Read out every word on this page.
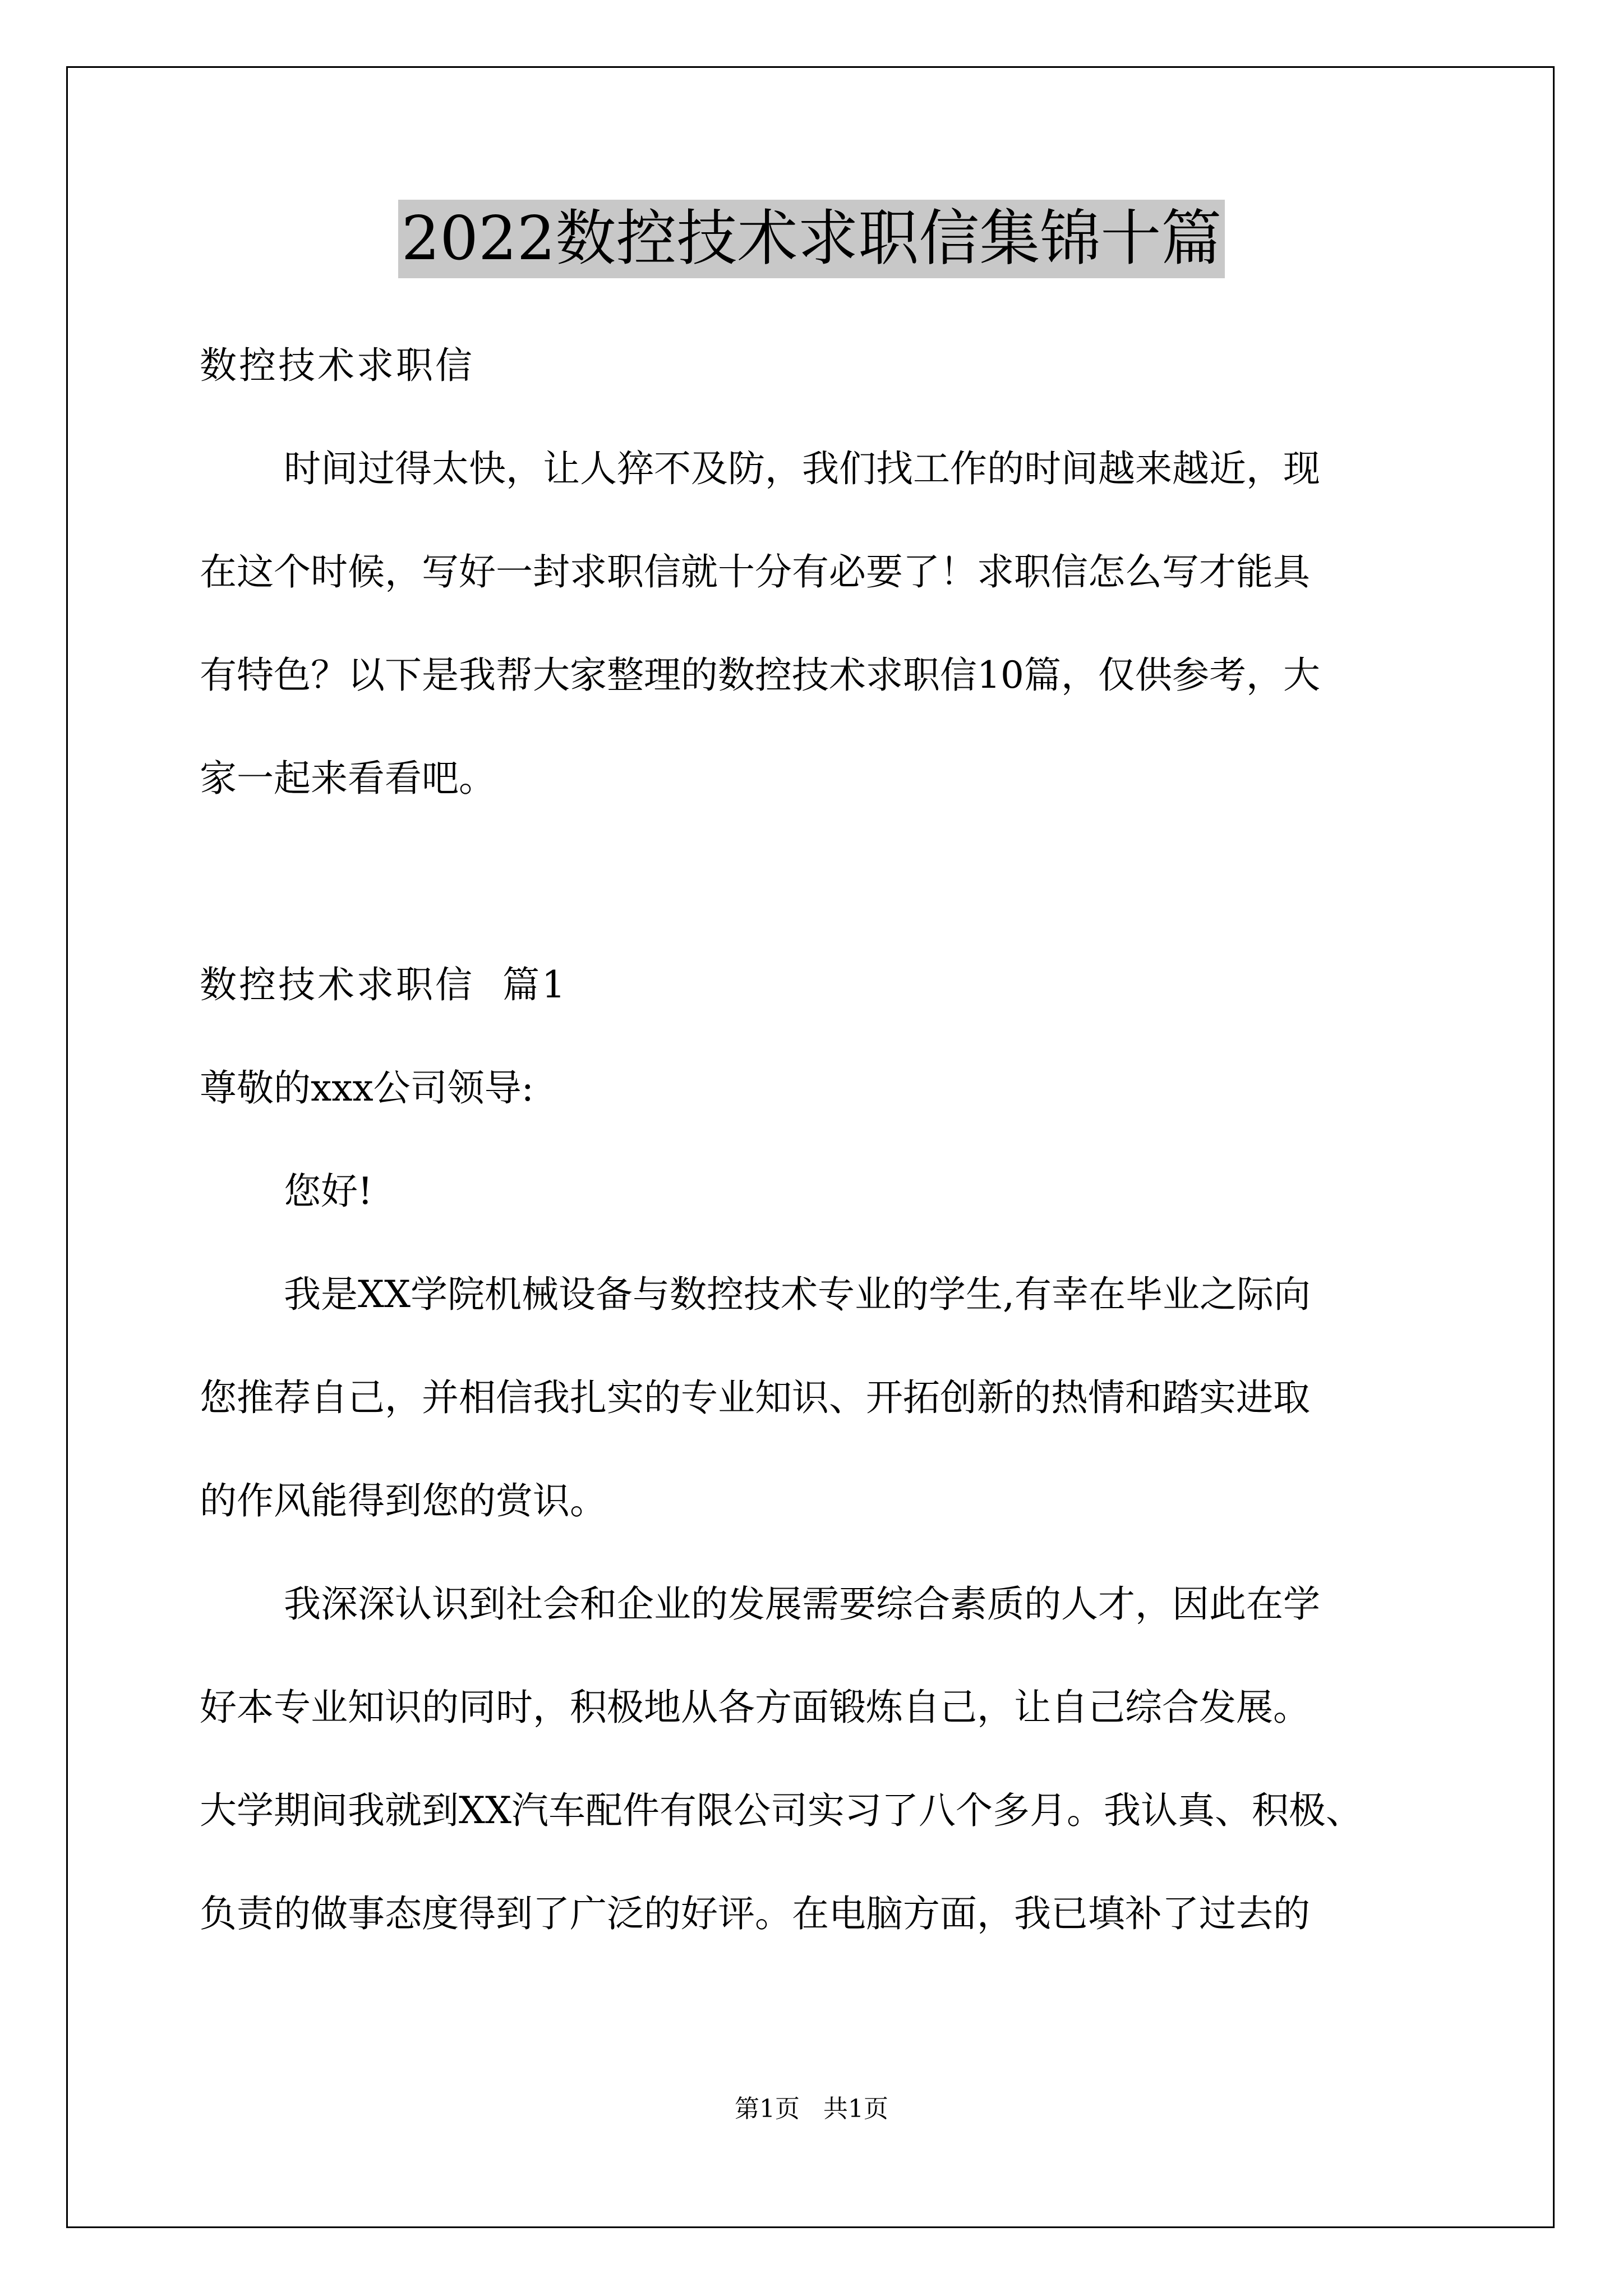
2022数控技术求职信集锦十篇
数控技术求职信
时间过得太快，让人猝不及防，我们找工作的时间越来越近，现
在这个时候，写好一封求职信就十分有必要了！求职信怎么写才能具
有特色？以下是我帮大家整理的数控技术求职信10篇，仅供参考，大
家一起来看看吧。
数控技术求职信  篇1
尊敬的xxx公司领导:
您好!
我是XX学院机械设备与数控技术专业的学生,有幸在毕业之际向
您推荐自己，并相信我扎实的专业知识、开拓创新的热情和踏实进取
的作风能得到您的赏识。
我深深认识到社会和企业的发展需要综合素质的人才，因此在学
好本专业知识的同时，积极地从各方面锻炼自己，让自己综合发展。
大学期间我就到XX汽车配件有限公司实习了八个多月。我认真、积极、
负责的做事态度得到了广泛的好评。在电脑方面，我已填补了过去的
第1页   共1页
